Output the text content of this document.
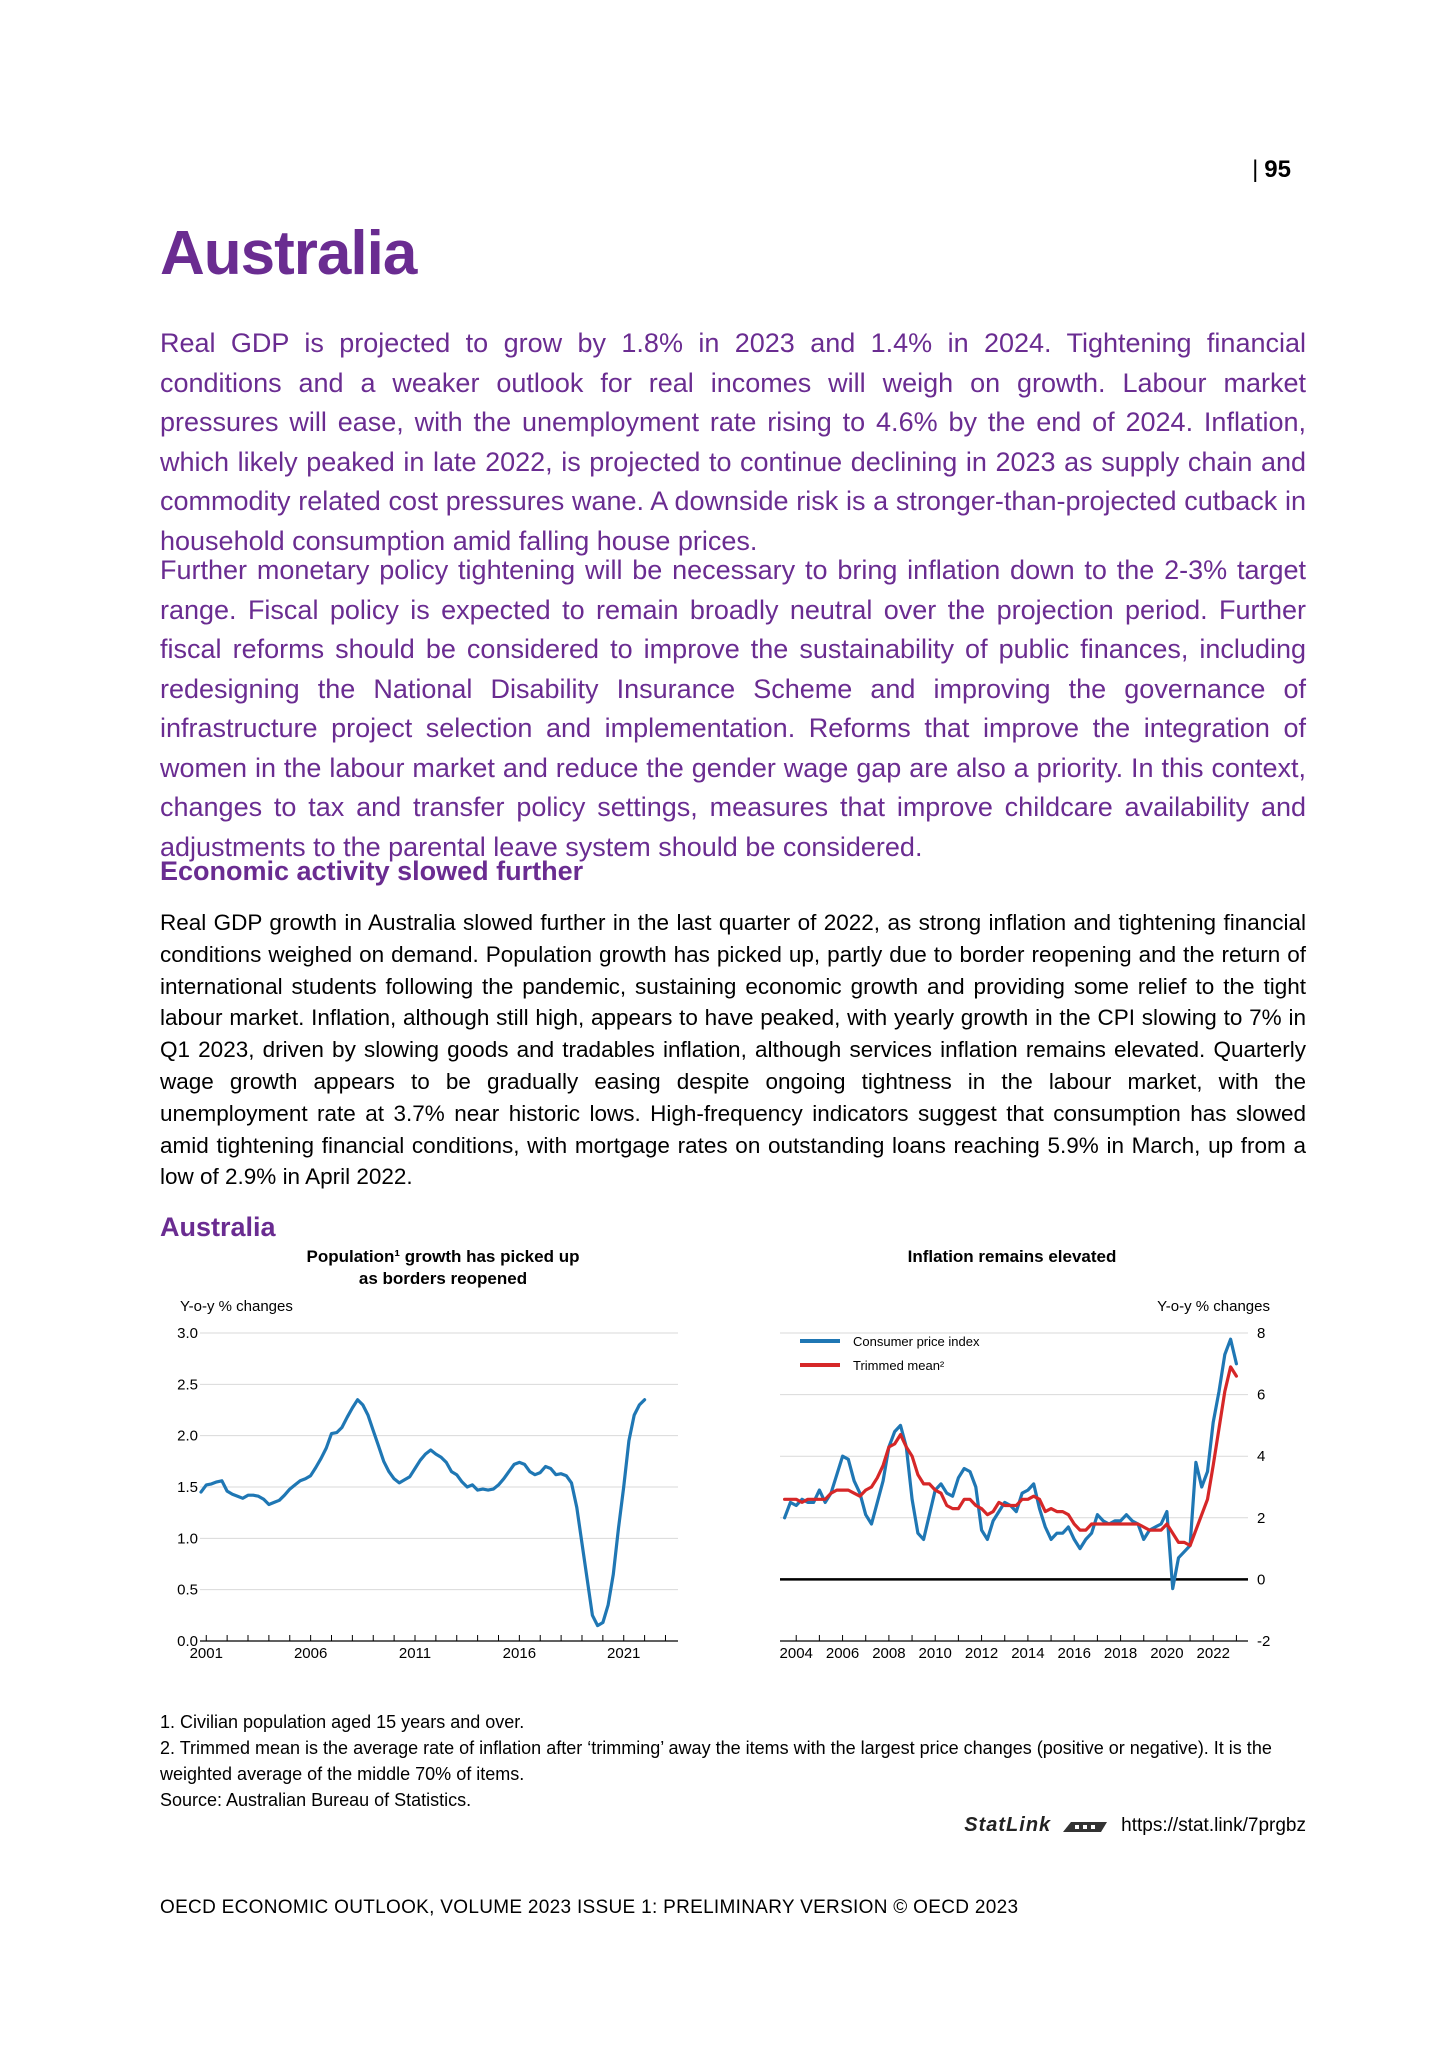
| 95
Australia
Real GDP is projected to grow by 1.8% in 2023 and 1.4% in 2024. Tightening financial conditions and a weaker outlook for real incomes will weigh on growth. Labour market pressures will ease, with the unemployment rate rising to 4.6% by the end of 2024. Inflation, which likely peaked in late 2022, is projected to continue declining in 2023 as supply chain and commodity related cost pressures wane. A downside risk is a stronger-than-projected cutback in household consumption amid falling house prices.
Further monetary policy tightening will be necessary to bring inflation down to the 2-3% target range. Fiscal policy is expected to remain broadly neutral over the projection period. Further fiscal reforms should be considered to improve the sustainability of public finances, including redesigning the National Disability Insurance Scheme and improving the governance of infrastructure project selection and implementation. Reforms that improve the integration of women in the labour market and reduce the gender wage gap are also a priority. In this context, changes to tax and transfer policy settings, measures that improve childcare availability and adjustments to the parental leave system should be considered.
Economic activity slowed further
Real GDP growth in Australia slowed further in the last quarter of 2022, as strong inflation and tightening financial conditions weighed on demand. Population growth has picked up, partly due to border reopening and the return of international students following the pandemic, sustaining economic growth and providing some relief to the tight labour market. Inflation, although still high, appears to have peaked, with yearly growth in the CPI slowing to 7% in Q1 2023, driven by slowing goods and tradables inflation, although services inflation remains elevated. Quarterly wage growth appears to be gradually easing despite ongoing tightness in the labour market, with the unemployment rate at 3.7% near historic lows. High-frequency indicators suggest that consumption has slowed amid tightening financial conditions, with mortgage rates on outstanding loans reaching 5.9% in March, up from a low of 2.9% in April 2022.
Australia
Population¹ growth has picked up
as borders reopened
Y-o-y % changes
0.0
0.5
1.0
1.5
2.0
2.5
3.0
2001	2006	2011	2016	2021
Inflation remains elevated
Y-o-y % changes
-2
0
2
4
6
8
2004 2006 2008 2010 2012 2014 2016 2018 2020 2022
Consumer price index
Trimmed mean²
1. Civilian population aged 15 years and over.
2. Trimmed mean is the average rate of inflation after ‘trimming’ away the items with the largest price changes (positive or negative). It is the weighted average of the middle 70% of items.
Source: Australian Bureau of Statistics.
StatLink	https://stat.link/7prgbz
OECD ECONOMIC OUTLOOK, VOLUME 2023 ISSUE 1: PRELIMINARY VERSION © OECD 2023
